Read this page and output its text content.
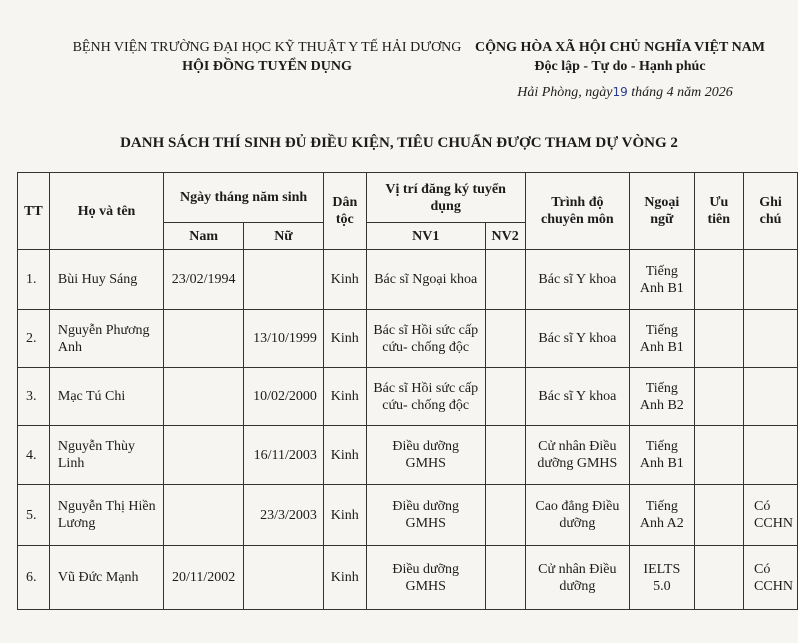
BỆNH VIỆN TRƯỜNG ĐẠI HỌC KỸ THUẬT Y TẾ HẢI DƯƠNG
HỘI ĐỒNG TUYỂN DỤNG
CỘNG HÒA XÃ HỘI CHỦ NGHĨA VIỆT NAM
Độc lập - Tự do - Hạnh phúc
Hải Phòng, ngày19 tháng 4 năm 2026
DANH SÁCH THÍ SINH ĐỦ ĐIỀU KIỆN, TIÊU CHUẨN ĐƯỢC THAM DỰ VÒNG 2
TT	Họ và tên	Ngày tháng năm sinh		Dân tộc	Vị trí đăng ký tuyển dụng		Trình độ chuyên môn	Ngoại ngữ	Ưu tiên	Ghi chú
		Nam	Nữ		NV1	NV2				
1.	Bùi Huy Sáng	23/02/1994		Kinh	Bác sĩ Ngoại khoa		Bác sĩ Y khoa	Tiếng Anh B1		
2.	Nguyễn Phương Anh		13/10/1999	Kinh	Bác sĩ Hồi sức cấp cứu- chống độc		Bác sĩ Y khoa	Tiếng Anh B1		
3.	Mạc Tú Chi		10/02/2000	Kinh	Bác sĩ Hồi sức cấp cứu- chống độc		Bác sĩ Y khoa	Tiếng Anh B2		
4.	Nguyễn Thùy Linh		16/11/2003	Kinh	Điều dưỡng GMHS		Cử nhân Điều dưỡng GMHS	Tiếng Anh B1		
5.	Nguyễn Thị Hiền Lương		23/3/2003	Kinh	Điều dưỡng GMHS		Cao đẳng Điều dưỡng	Tiếng Anh A2		Có CCHN
6.	Vũ Đức Mạnh	20/11/2002		Kinh	Điều dưỡng GMHS		Cử nhân Điều dưỡng	IELTS 5.0		Có CCHN
